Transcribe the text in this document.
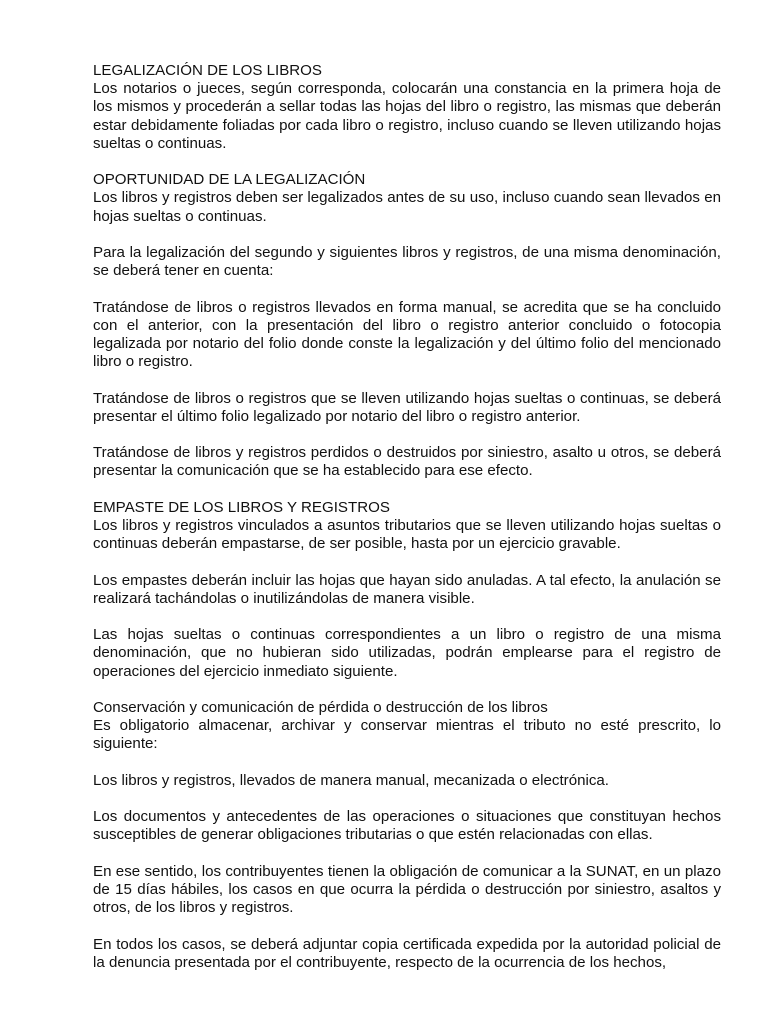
LEGALIZACIÓN DE LOS LIBROS

Los notarios o jueces, según corresponda, colocarán una constancia en la primera hoja de los mismos y procederán a sellar todas las hojas del libro o registro, las mismas que deberán estar debidamente foliadas por cada libro o registro, incluso cuando se lleven utilizando hojas sueltas o continuas.

OPORTUNIDAD DE LA LEGALIZACIÓN

Los libros y registros deben ser legalizados antes de su uso, incluso cuando sean llevados en hojas sueltas o continuas.

Para la legalización del segundo y siguientes libros y registros, de una misma denominación, se deberá tener en cuenta:

Tratándose de libros o registros llevados en forma manual, se acredita que se ha concluido con el anterior, con la presentación del libro o registro anterior concluido o fotocopia legalizada por notario del folio donde conste la legalización y del último folio del mencionado libro o registro.

Tratándose de libros o registros que se lleven utilizando hojas sueltas o continuas, se deberá presentar el último folio legalizado por notario del libro o registro anterior.

Tratándose de libros y registros perdidos o destruidos por siniestro, asalto u otros, se deberá presentar la comunicación que se ha establecido para ese efecto.

EMPASTE DE LOS LIBROS Y REGISTROS

Los libros y registros vinculados a asuntos tributarios que se lleven utilizando hojas sueltas o continuas deberán empastarse, de ser posible, hasta por un ejercicio gravable.

Los empastes deberán incluir las hojas que hayan sido anuladas. A tal efecto, la anulación se realizará tachándolas o inutilizándolas de manera visible.

Las hojas sueltas o continuas correspondientes a un libro o registro de una misma denominación, que no hubieran sido utilizadas, podrán emplearse para el registro de operaciones del ejercicio inmediato siguiente.

Conservación y comunicación de pérdida o destrucción de los libros

Es obligatorio almacenar, archivar y conservar mientras el tributo no esté prescrito, lo siguiente:

Los libros y registros, llevados de manera manual, mecanizada o electrónica.

Los documentos y antecedentes de las operaciones o situaciones que constituyan hechos susceptibles de generar obligaciones tributarias o que estén relacionadas con ellas.

En ese sentido, los contribuyentes tienen la obligación de comunicar a la SUNAT, en un plazo de 15 días hábiles, los casos en que ocurra la pérdida o destrucción por siniestro, asaltos y otros, de los libros y registros.

En todos los casos, se deberá adjuntar copia certificada expedida por la autoridad policial de la denuncia presentada por el contribuyente, respecto de la ocurrencia de los hechos,
